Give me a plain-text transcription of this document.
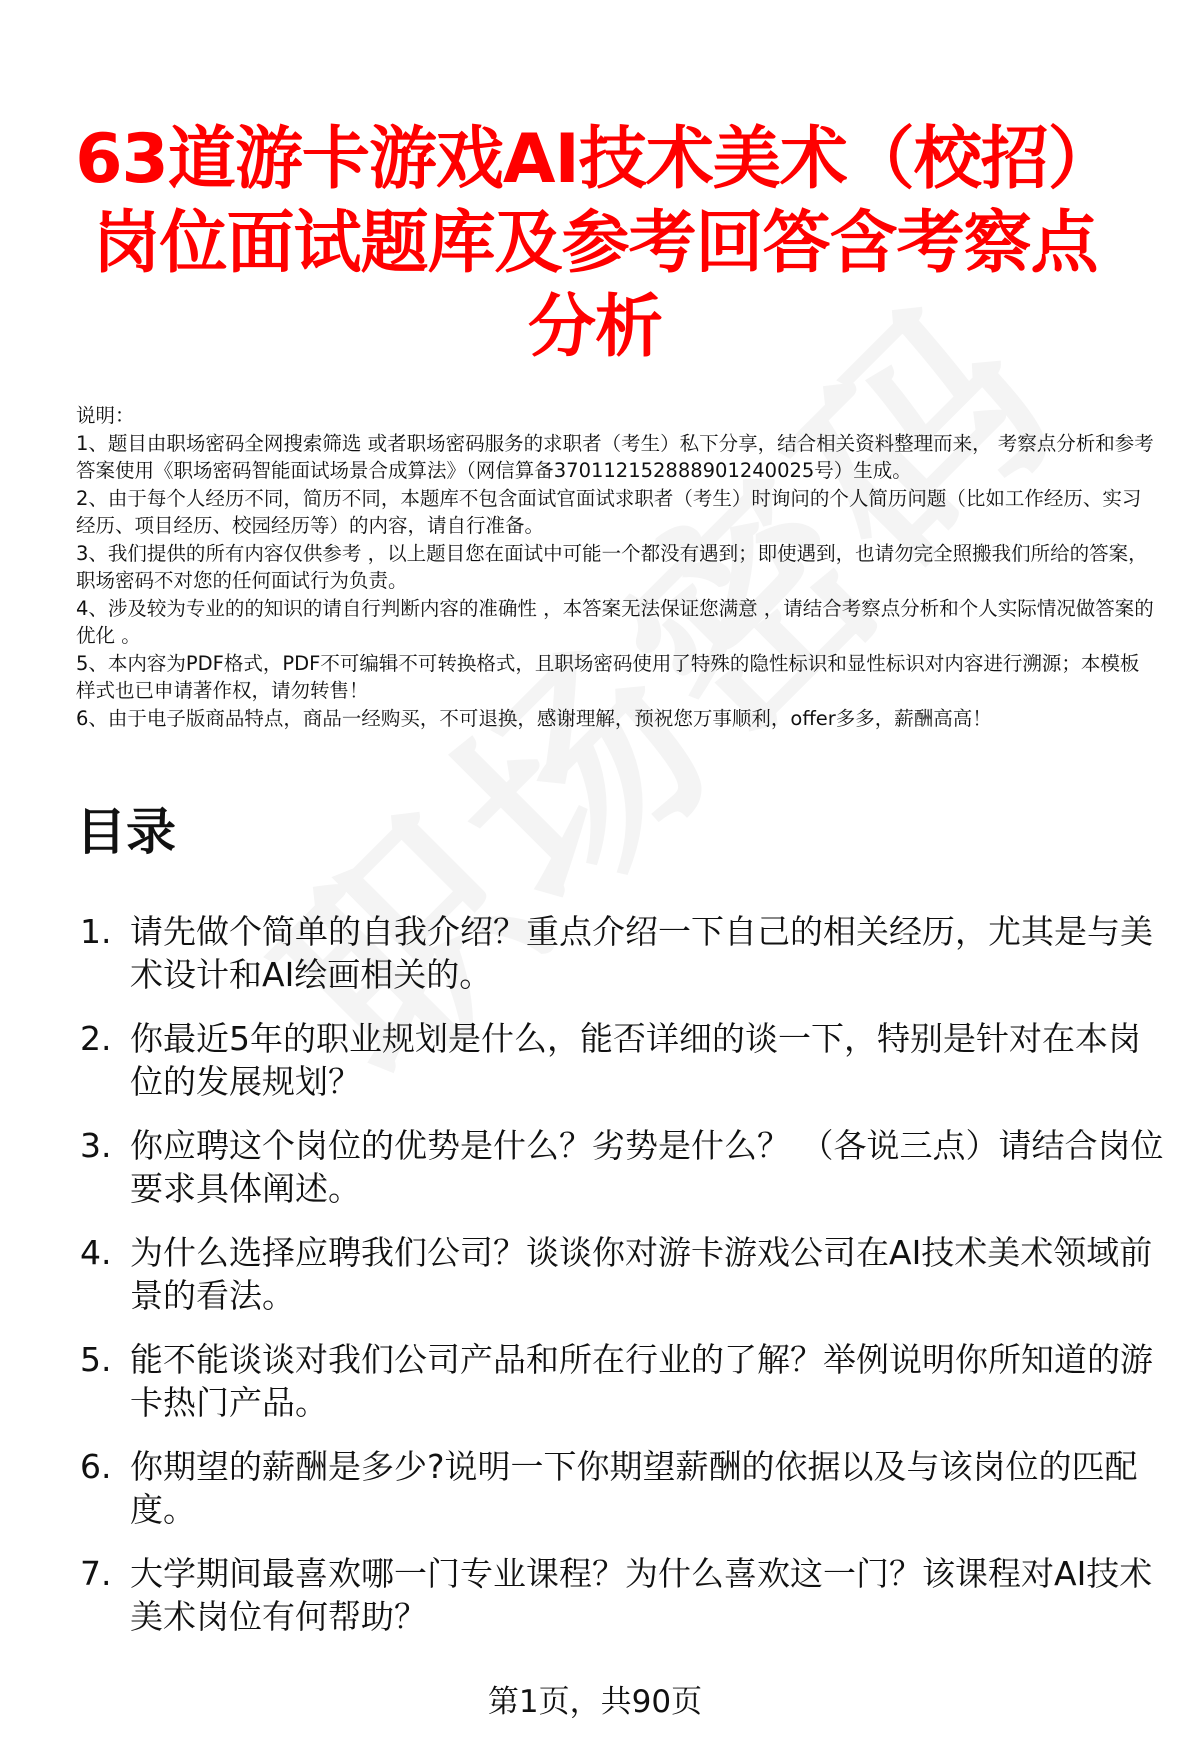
63道游卡游戏AI技术美术（校招）
岗位面试题库及参考回答含考察点
分析

说明：

1、题目由职场密码全网搜索筛选 或者职场密码服务的求职者（考生）私下分享，结合相关资料整理而来， 考察点分析和参考答案使用《职场密码智能面试场景合成算法》（网信算备370112152888901240025号）生成。

2、由于每个人经历不同，简历不同，本题库不包含面试官面试求职者（考生）时询问的个人简历问题（比如工作经历、实习经历、项目经历、校园经历等）的内容，请自行准备。

3、我们提供的所有内容仅供参考 ，以上题目您在面试中可能一个都没有遇到；即使遇到，也请勿完全照搬我们所给的答案，职场密码不对您的任何面试行为负责。

4、涉及较为专业的的知识的请自行判断内容的准确性 ，本答案无法保证您满意 ，请结合考察点分析和个人实际情况做答案的优化 。

5、本内容为PDF格式，PDF不可编辑不可转换格式，且职场密码使用了特殊的隐性标识和显性标识对内容进行溯源；本模板样式也已申请著作权，请勿转售！

6、由于电子版商品特点，商品一经购买，不可退换，感谢理解，预祝您万事顺利，offer多多，薪酬高高！

目录
1. 请先做个简单的自我介绍？重点介绍一下自己的相关经历，尤其是与美术设计和AI绘画相关的。
2. 你最近5年的职业规划是什么，能否详细的谈一下，特别是针对在本岗位的发展规划？
3. 你应聘这个岗位的优势是什么？劣势是什么？ （各说三点）请结合岗位要求具体阐述。
4. 为什么选择应聘我们公司？谈谈你对游卡游戏公司在AI技术美术领域前景的看法。
5. 能不能谈谈对我们公司产品和所在行业的了解？举例说明你所知道的游卡热门产品。
6. 你期望的薪酬是多少?说明一下你期望薪酬的依据以及与该岗位的匹配度。
7. 大学期间最喜欢哪一门专业课程？为什么喜欢这一门？该课程对AI技术美术岗位有何帮助？
第1页，共90页
